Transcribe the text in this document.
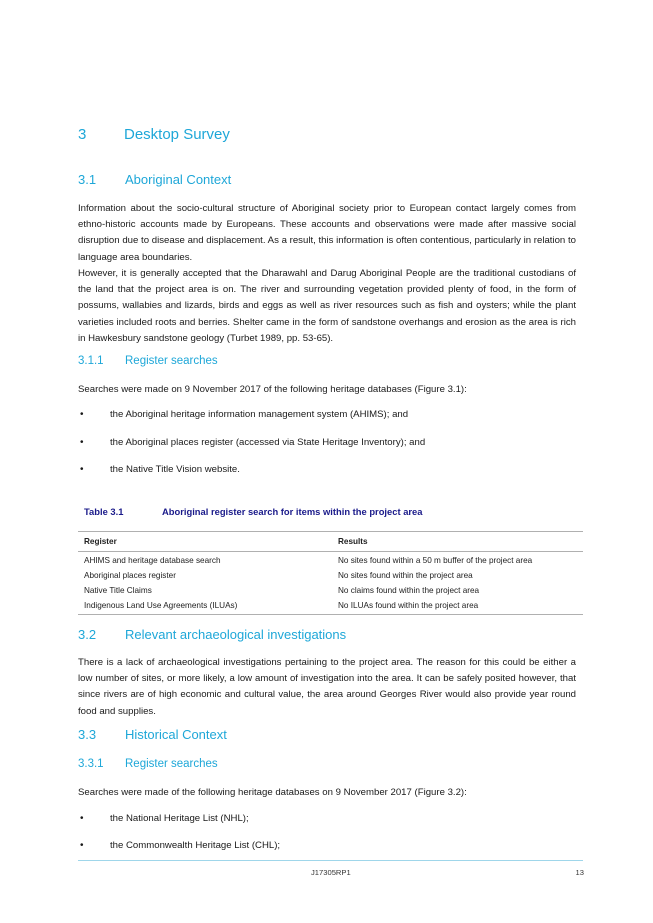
3	Desktop Survey
3.1 Aboriginal Context
Information about the socio-cultural structure of Aboriginal society prior to European contact largely comes from ethno-historic accounts made by Europeans. These accounts and observations were made after massive social disruption due to disease and displacement. As a result, this information is often contentious, particularly in relation to language area boundaries.
However, it is generally accepted that the Dharawahl and Darug Aboriginal People are the traditional custodians of the land that the project area is on. The river and surrounding vegetation provided plenty of food, in the form of possums, wallabies and lizards, birds and eggs as well as river resources such as fish and oysters; while the plant varieties included roots and berries. Shelter came in the form of sandstone overhangs and erosion as the area is rich in Hawkesbury sandstone geology (Turbet 1989, pp. 53-65).
3.1.1 Register searches
Searches were made on 9 November 2017 of the following heritage databases (Figure 3.1):
•	the Aboriginal heritage information management system (AHIMS); and
•	the Aboriginal places register (accessed via State Heritage Inventory); and
•	the Native Title Vision website.
Table 3.1	Aboriginal register search for items within the project area
Register	Results
AHIMS and heritage database search	No sites found within a 50 m buffer of the project area
Aboriginal places register	No sites found within the project area
Native Title Claims	No claims found within the project area
Indigenous Land Use Agreements (ILUAs)	No ILUAs found within the project area
3.2 Relevant archaeological investigations
There is a lack of archaeological investigations pertaining to the project area. The reason for this could be either a low number of sites, or more likely, a low amount of investigation into the area. It can be safely posited however, that since rivers are of high economic and cultural value, the area around Georges River would also provide year round food and supplies.
3.3 Historical Context
3.3.1 Register searches
Searches were made of the following heritage databases on 9 November 2017 (Figure 3.2):
•	the National Heritage List (NHL);
•	the Commonwealth Heritage List (CHL);
J17305RP1	13
